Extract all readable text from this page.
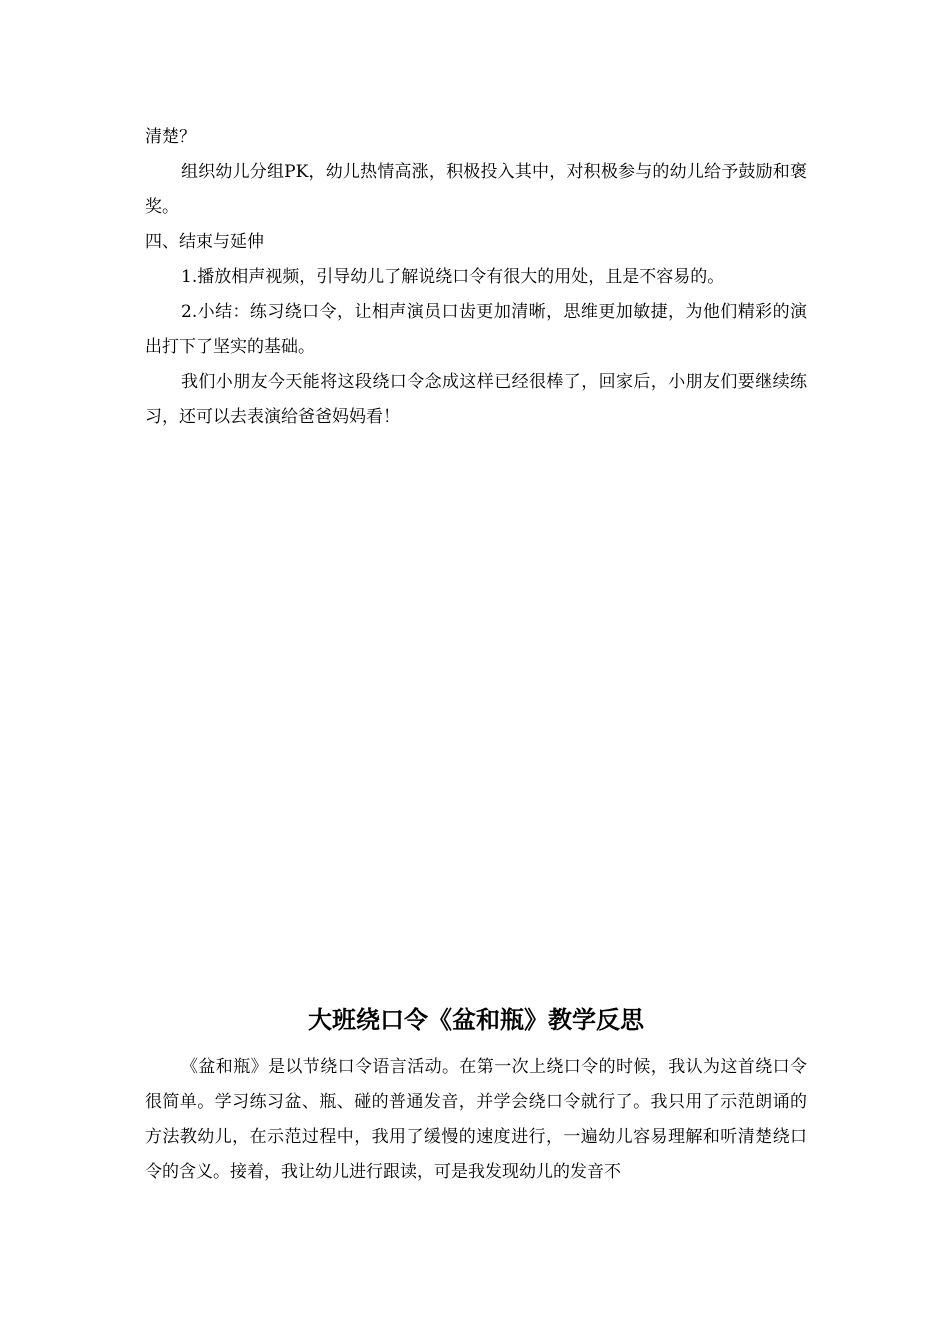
清楚？

组织幼儿分组PK，幼儿热情高涨，积极投入其中，对积极参与的幼儿给予鼓励和褒奖。

四、结束与延伸

1.播放相声视频，引导幼儿了解说绕口令有很大的用处，且是不容易的。

2.小结：练习绕口令，让相声演员口齿更加清晰，思维更加敏捷，为他们精彩的演出打下了坚实的基础。

我们小朋友今天能将这段绕口令念成这样已经很棒了，回家后，小朋友们要继续练习，还可以去表演给爸爸妈妈看！

大班绕口令《盆和瓶》教学反思

《盆和瓶》是以节绕口令语言活动。在第一次上绕口令的时候，我认为这首绕口令很简单。学习练习盆、瓶、碰的普通发音，并学会绕口令就行了。我只用了示范朗诵的方法教幼儿，在示范过程中，我用了缓慢的速度进行，一遍幼儿容易理解和听清楚绕口令的含义。接着，我让幼儿进行跟读，可是我发现幼儿的发音不
